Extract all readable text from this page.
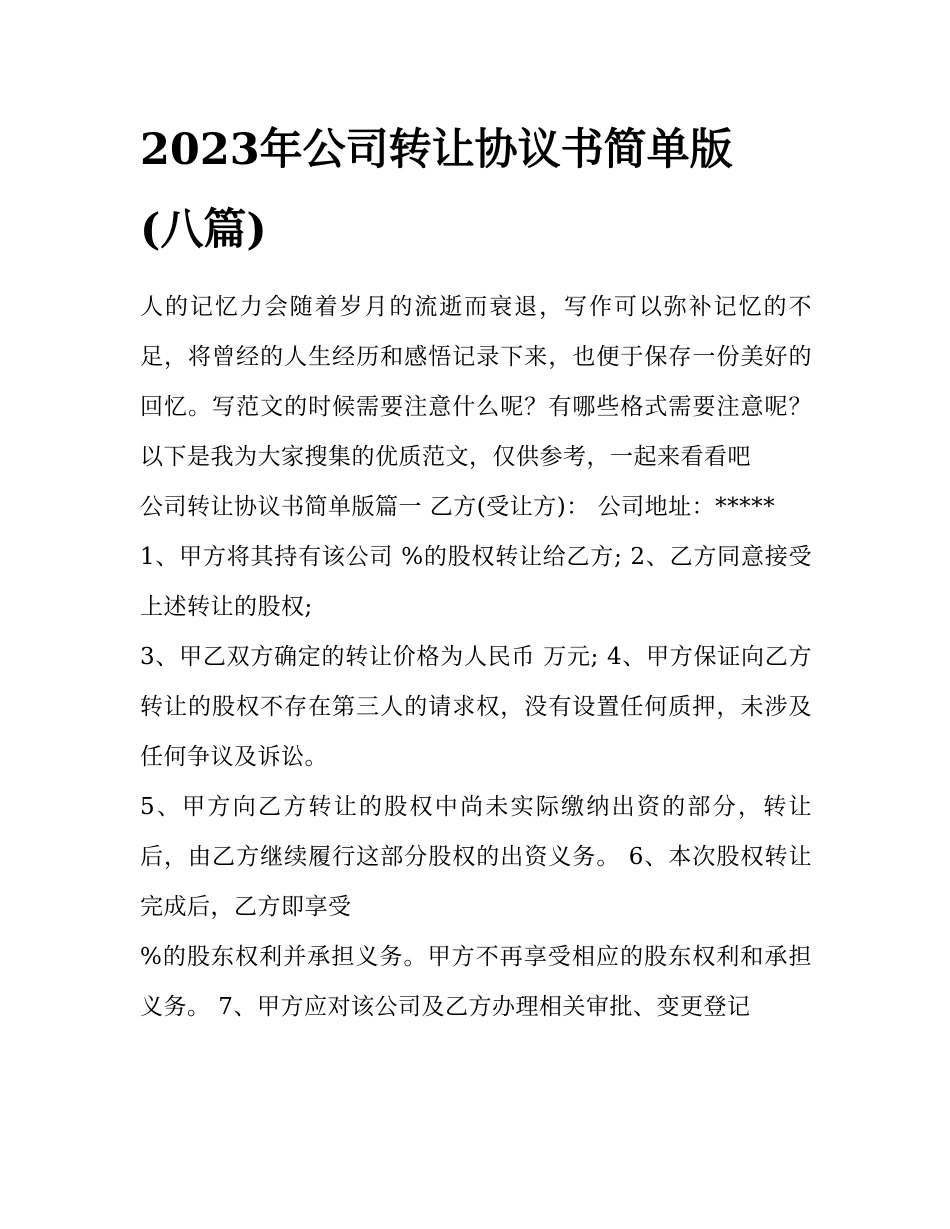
2023年公司转让协议书简单版
(八篇)

人的记忆力会随着岁月的流逝而衰退，写作可以弥补记忆的不足，将曾经的人生经历和感悟记录下来，也便于保存一份美好的回忆。写范文的时候需要注意什么呢？有哪些格式需要注意呢？以下是我为大家搜集的优质范文，仅供参考，一起来看看吧

公司转让协议书简单版篇一 乙方(受让方)： 公司地址：*****

1、甲方将其持有该公司 %的股权转让给乙方; 2、乙方同意接受上述转让的股权;

3、甲乙双方确定的转让价格为人民币 万元; 4、甲方保证向乙方转让的股权不存在第三人的请求权，没有设置任何质押，未涉及任何争议及诉讼。

5、甲方向乙方转让的股权中尚未实际缴纳出资的部分，转让后，由乙方继续履行这部分股权的出资义务。 6、本次股权转让完成后，乙方即享受

%的股东权利并承担义务。甲方不再享受相应的股东权利和承担义务。 7、甲方应对该公司及乙方办理相关审批、变更登记
